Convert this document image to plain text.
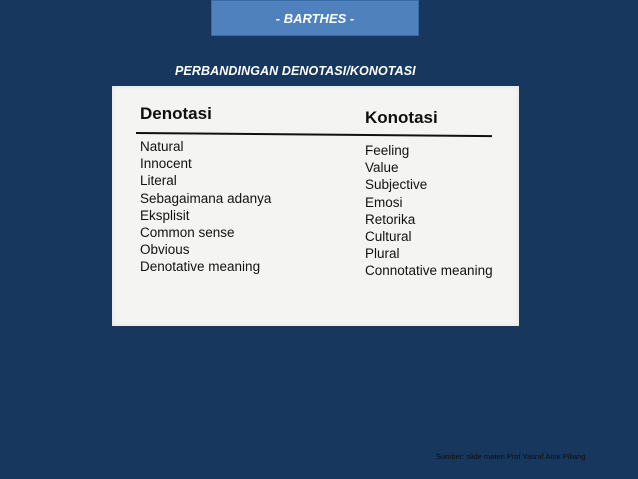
- BARTHES -
PERBANDINGAN DENOTASI/KONOTASI
Denotasi
Natural
Innocent
Literal
Sebagaimana adanya
Eksplisit
Common sense
Obvious
Denotative meaning
Konotasi
Feeling
Value
Subjective
Emosi
Retorika
Cultural
Plural
Connotative meaning
Sumber: slide materi Prof Yasraf Amir Piliang
